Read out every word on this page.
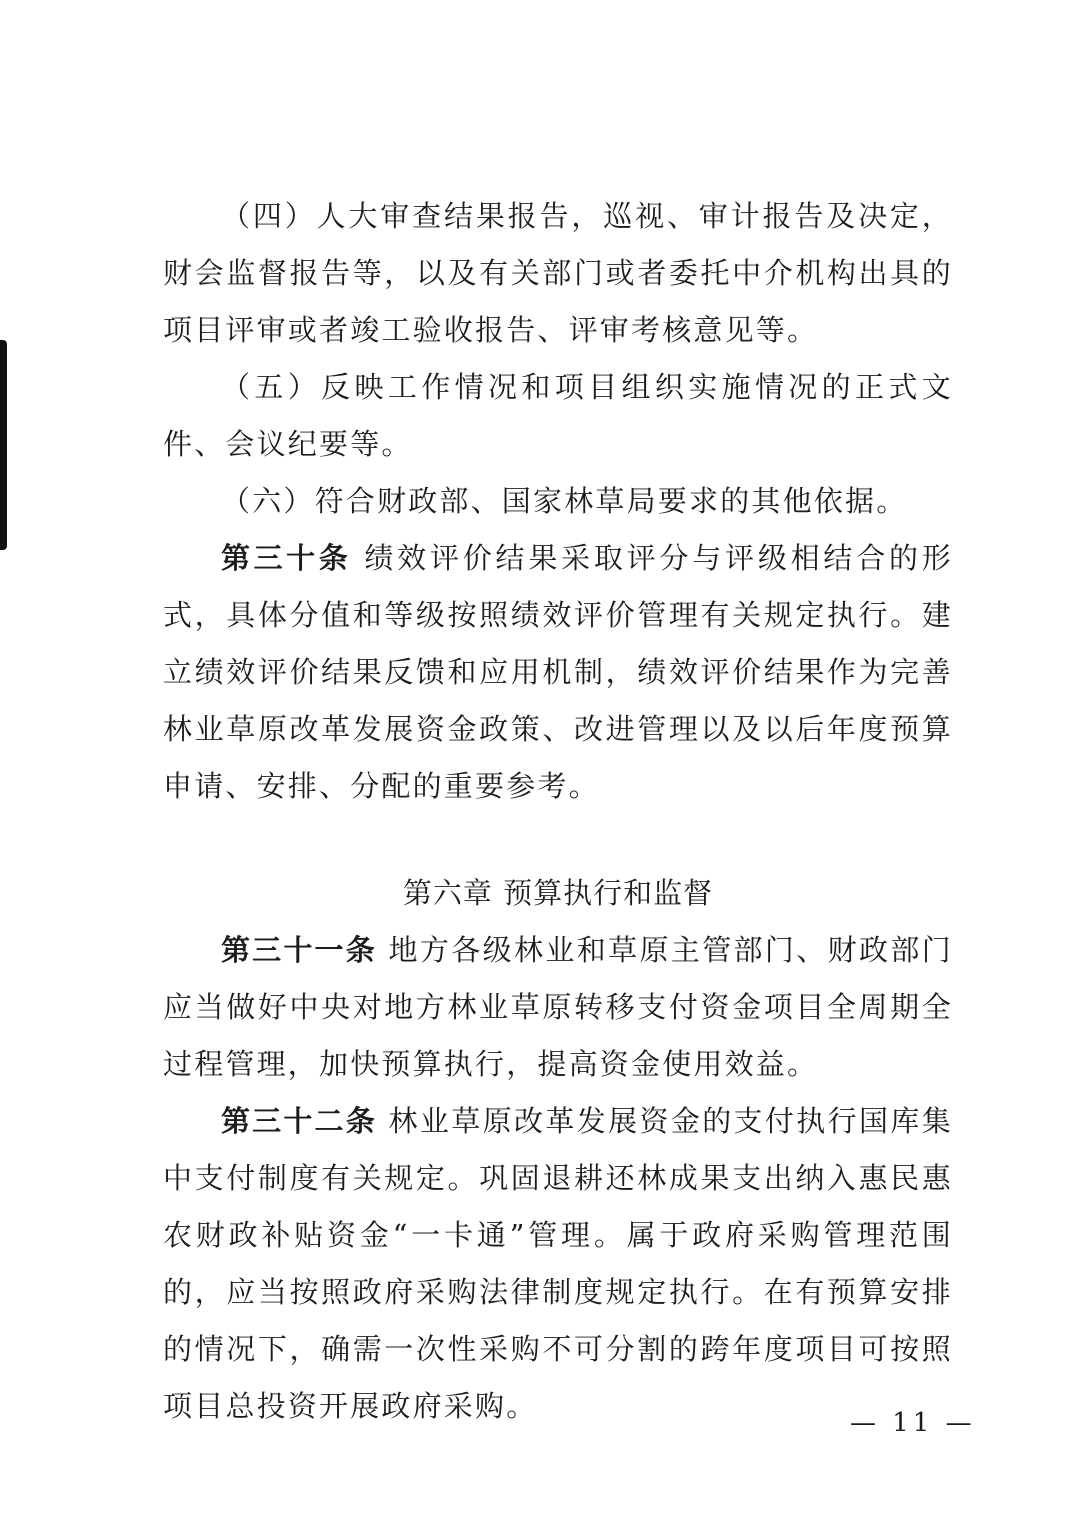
（四）人大审查结果报告，巡视、审计报告及决定，财会监督报告等，以及有关部门或者委托中介机构出具的项目评审或者竣工验收报告、评审考核意见等。

（五）反映工作情况和项目组织实施情况的正式文件、会议纪要等。

（六）符合财政部、国家林草局要求的其他依据。

第三十条 绩效评价结果采取评分与评级相结合的形式，具体分值和等级按照绩效评价管理有关规定执行。建立绩效评价结果反馈和应用机制，绩效评价结果作为完善林业草原改革发展资金政策、改进管理以及以后年度预算申请、安排、分配的重要参考。

第六章 预算执行和监督

第三十一条 地方各级林业和草原主管部门、财政部门应当做好中央对地方林业草原转移支付资金项目全周期全过程管理，加快预算执行，提高资金使用效益。

第三十二条 林业草原改革发展资金的支付执行国库集中支付制度有关规定。巩固退耕还林成果支出纳入惠民惠农财政补贴资金“一卡通”管理。属于政府采购管理范围的，应当按照政府采购法律制度规定执行。在有预算安排的情况下，确需一次性采购不可分割的跨年度项目可按照项目总投资开展政府采购。	— 11 —
